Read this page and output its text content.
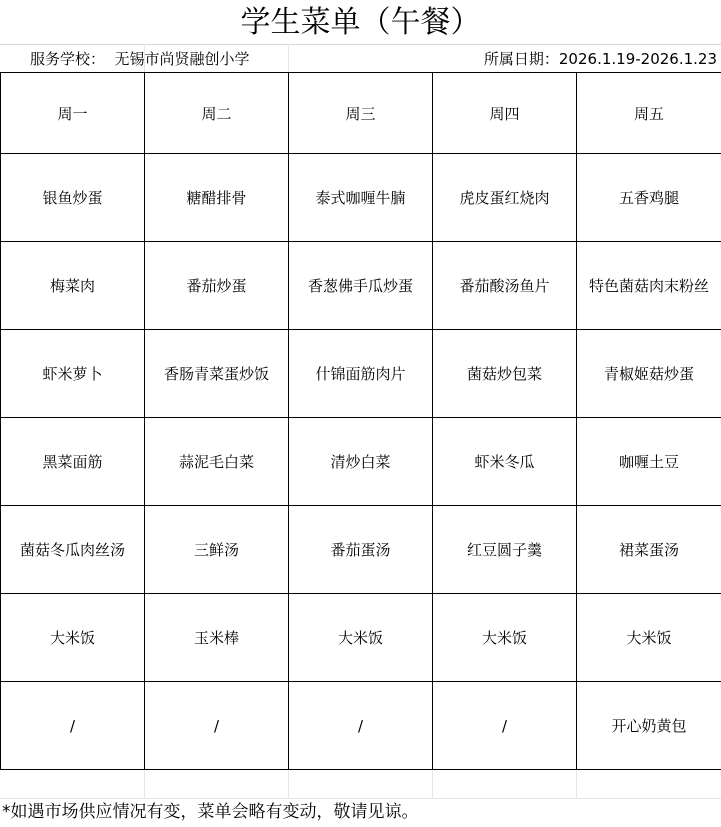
学生菜单（午餐）
服务学校：  无锡市尚贤融创小学	所属日期：2026.1.19-2026.1.23
周一	周二	周三	周四	周五
银鱼炒蛋	糖醋排骨	泰式咖喱牛腩	虎皮蛋红烧肉	五香鸡腿
梅菜肉	番茄炒蛋	香葱佛手瓜炒蛋	番茄酸汤鱼片	特色菌菇肉末粉丝
虾米萝卜	香肠青菜蛋炒饭	什锦面筋肉片	菌菇炒包菜	青椒姬菇炒蛋
黑菜面筋	蒜泥毛白菜	清炒白菜	虾米冬瓜	咖喱土豆
菌菇冬瓜肉丝汤	三鲜汤	番茄蛋汤	红豆圆子羹	裙菜蛋汤
大米饭	玉米棒	大米饭	大米饭	大米饭
/	/	/	/	开心奶黄包
*如遇市场供应情况有变，菜单会略有变动，敬请见谅。
